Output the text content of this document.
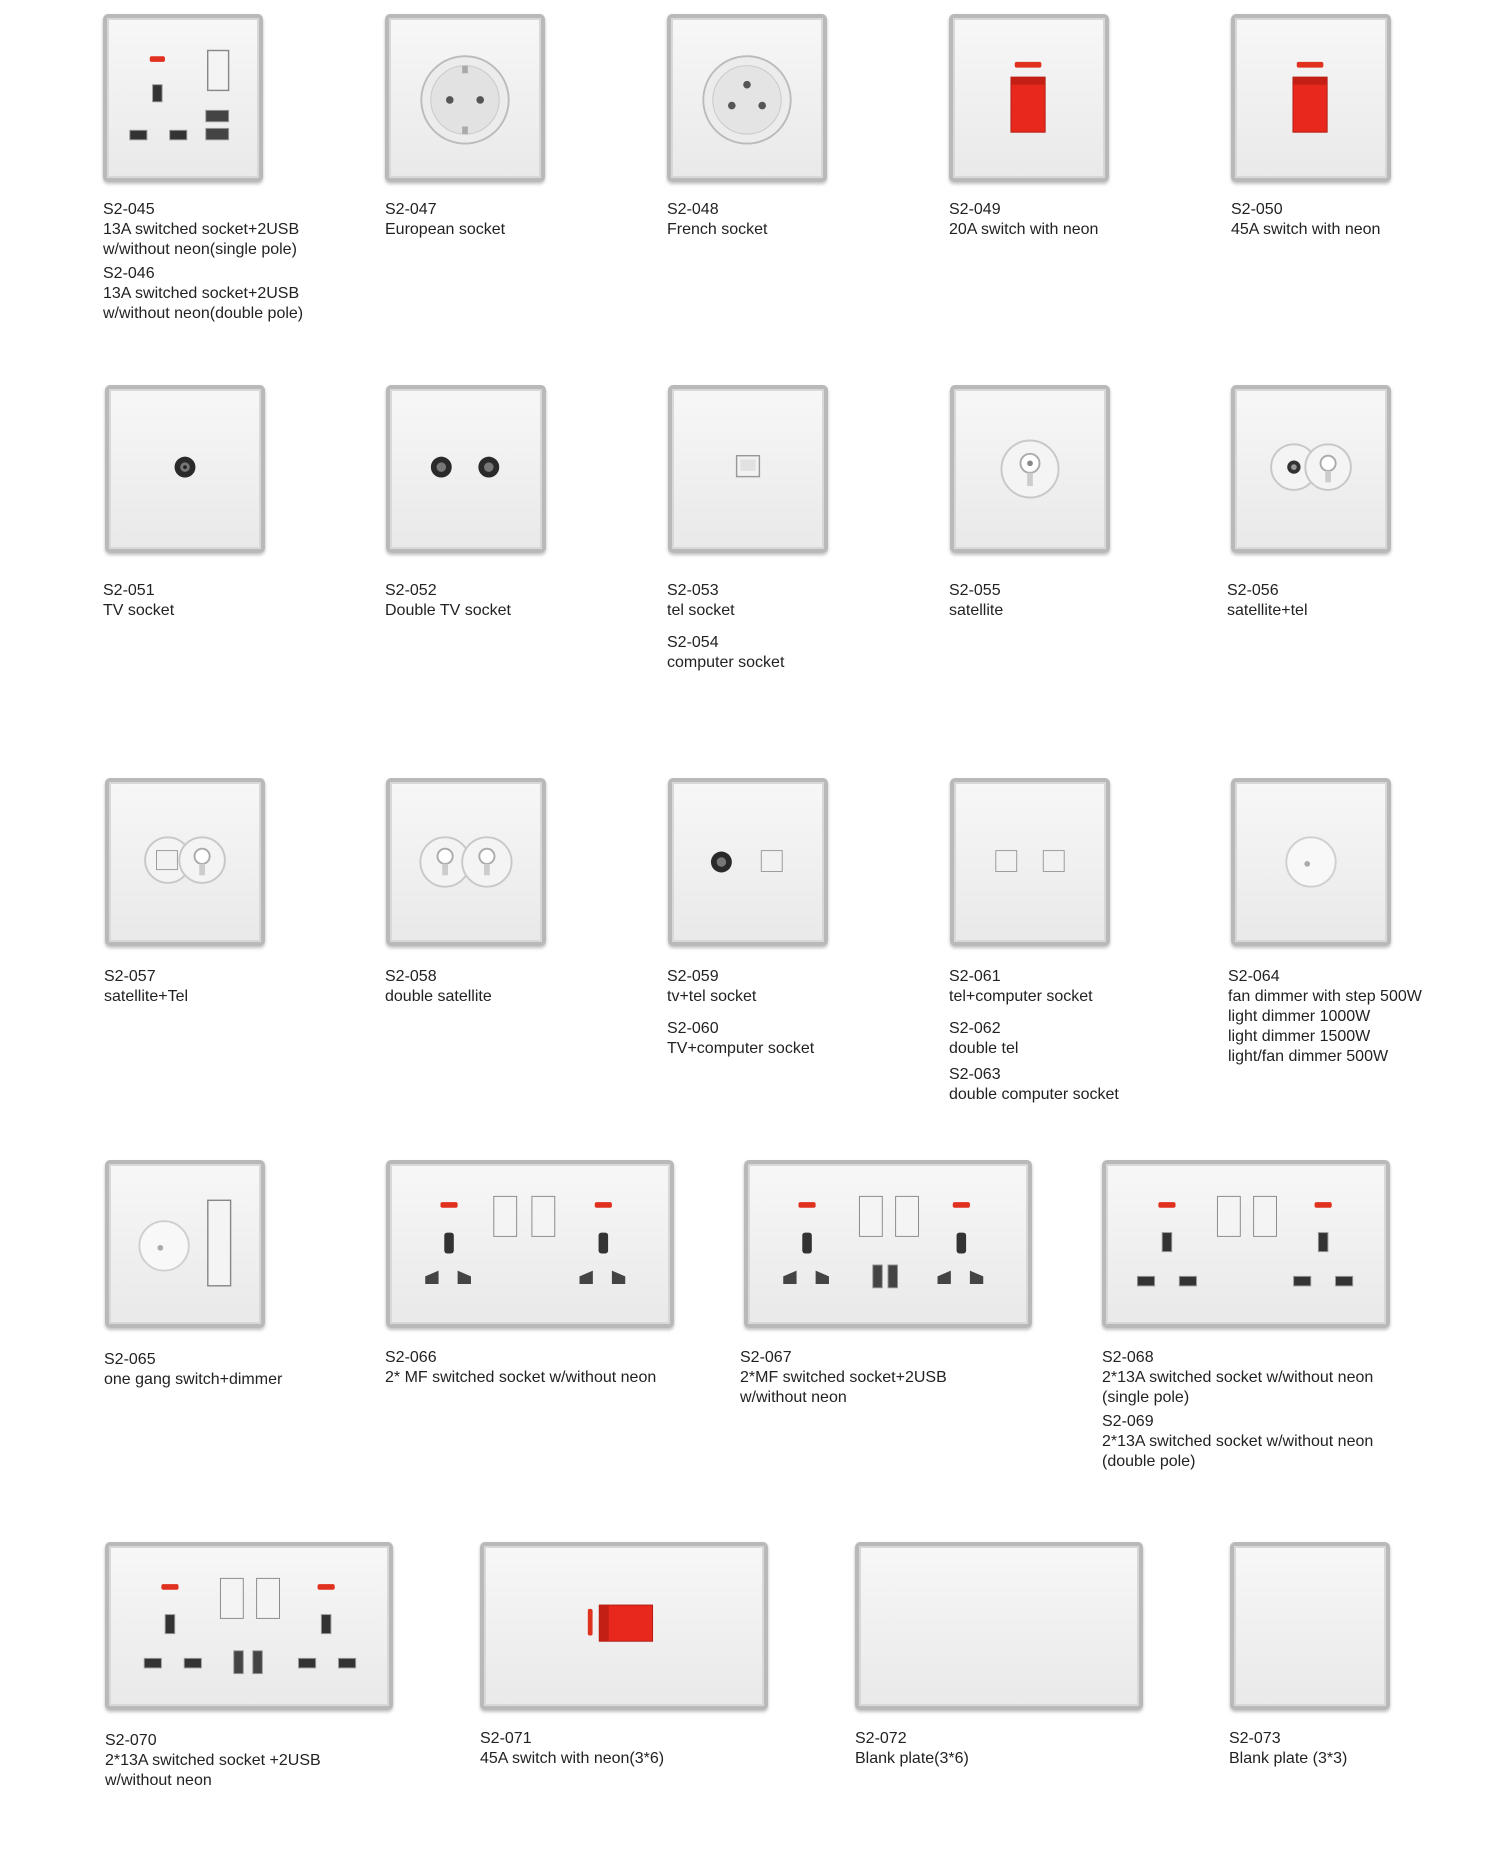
S2-045
13A switched socket+2USB
w/without neon(single pole)
S2-046
13A switched socket+2USB
w/without neon(double pole)
S2-047
European socket
S2-048
French socket
S2-049
20A switch with neon
S2-050
45A switch with neon
S2-051
TV socket
S2-052
Double TV socket
S2-053
tel socket
S2-054
computer socket
S2-055
satellite
S2-056
satellite+tel
S2-057
satellite+Tel
S2-058
double satellite
S2-059
tv+tel socket
S2-060
TV+computer socket
S2-061
tel+computer socket
S2-062
double tel
S2-063
double computer socket
S2-064
fan dimmer with step 500W
light dimmer 1000W
light dimmer 1500W
light/fan dimmer 500W
S2-065
one gang switch+dimmer
S2-066
2* MF switched socket w/without neon
S2-067
2*MF switched socket+2USB
w/without neon
S2-068
2*13A switched socket w/without neon
(single pole)
S2-069
2*13A switched socket w/without neon
(double pole)
S2-070
2*13A switched socket +2USB
w/without neon
S2-071
45A switch with neon(3*6)
S2-072
Blank plate(3*6)
S2-073
Blank plate (3*3)
